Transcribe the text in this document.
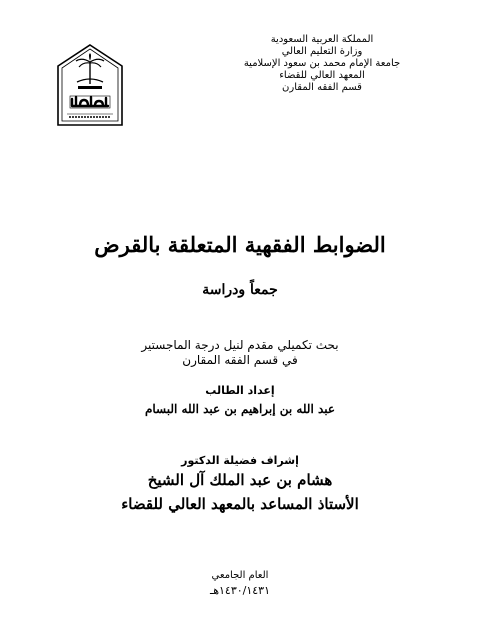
المملكة العربية السعودية
وزارة التعليم العالي
جامعة الإمام محمد بن سعود الإسلامية
المعهد العالي للقضاء
قسم الفقه المقارن
الضوابط الفقهية المتعلقة بالقرض
جمعاً ودراسة
بحث تكميلي مقدم لنيل درجة الماجستير
في قسم الفقه المقارن
إعداد الطالب
عبد الله بن إبراهيم بن عبد الله البسام
إشراف فضيلة الدكتور
هشام بن عبد الملك آل الشيخ
الأستاذ المساعد بالمعهد العالي للقضاء
العام الجامعي
١٤٣٠/١٤٣١هـ
